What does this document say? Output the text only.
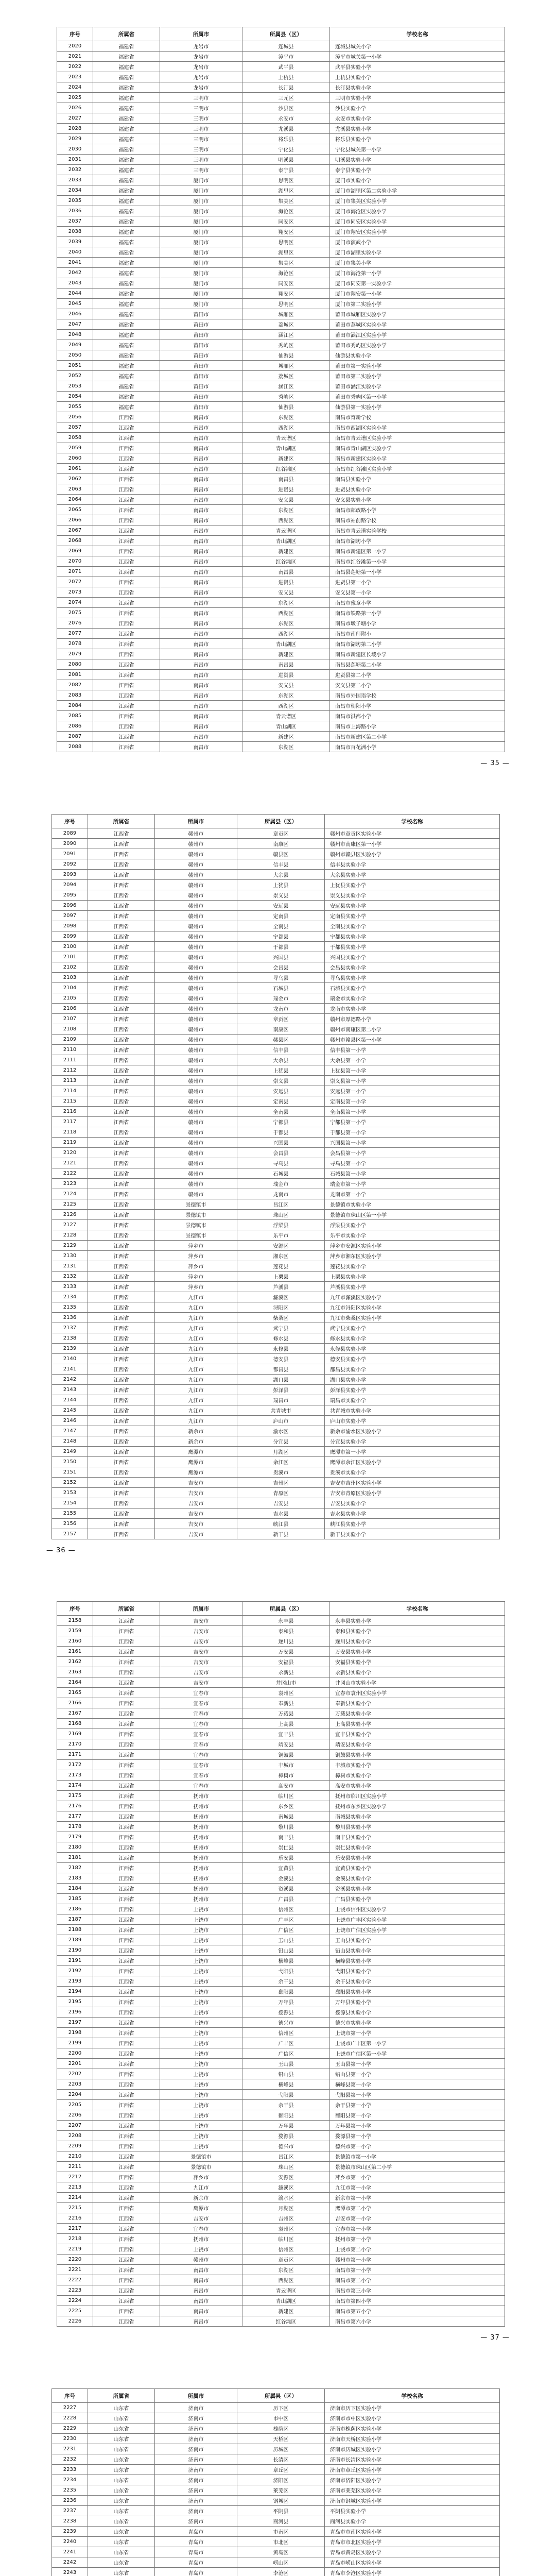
序号	所属省	所属市	所属县（区）	学校名称
2020	福建省	龙岩市	连城县	连城县城关小学
2021	福建省	龙岩市	漳平市	漳平市城关第一小学
2022	福建省	龙岩市	武平县	武平县实验小学
2023	福建省	龙岩市	上杭县	上杭县实验小学
2024	福建省	龙岩市	长汀县	长汀县实验小学
2025	福建省	三明市	三元区	三明市实验小学
2026	福建省	三明市	沙县区	沙县实验小学
2027	福建省	三明市	永安市	永安市实验小学
2028	福建省	三明市	尤溪县	尤溪县实验小学
2029	福建省	三明市	将乐县	将乐县实验小学
2030	福建省	三明市	宁化县	宁化县城关第一小学
2031	福建省	三明市	明溪县	明溪县实验小学
2032	福建省	三明市	泰宁县	泰宁县实验小学
2033	福建省	厦门市	思明区	厦门市实验小学
2034	福建省	厦门市	湖里区	厦门市湖里区第二实验小学
2035	福建省	厦门市	集美区	厦门市集美区实验小学
2036	福建省	厦门市	海沧区	厦门市海沧区实验小学
2037	福建省	厦门市	同安区	厦门市同安区实验小学
2038	福建省	厦门市	翔安区	厦门市翔安区实验小学
2039	福建省	厦门市	思明区	厦门市演武小学
2040	福建省	厦门市	湖里区	厦门市湖里实验小学
2041	福建省	厦门市	集美区	厦门市集美小学
2042	福建省	厦门市	海沧区	厦门市海沧第一小学
2043	福建省	厦门市	同安区	厦门市同安第一实验小学
2044	福建省	厦门市	翔安区	厦门市翔安第一小学
2045	福建省	厦门市	思明区	厦门市第二实验小学
2046	福建省	莆田市	城厢区	莆田市城厢区实验小学
2047	福建省	莆田市	荔城区	莆田市荔城区实验小学
2048	福建省	莆田市	涵江区	莆田市涵江区实验小学
2049	福建省	莆田市	秀屿区	莆田市秀屿区实验小学
2050	福建省	莆田市	仙游县	仙游县实验小学
2051	福建省	莆田市	城厢区	莆田市第一实验小学
2052	福建省	莆田市	荔城区	莆田市第二实验小学
2053	福建省	莆田市	涵江区	莆田市涵江实验小学
2054	福建省	莆田市	秀屿区	莆田市秀屿区第一小学
2055	福建省	莆田市	仙游县	仙游县第一实验小学
2056	江西省	南昌市	东湖区	南昌市育新学校
2057	江西省	南昌市	西湖区	南昌市西湖区实验小学
2058	江西省	南昌市	青云谱区	南昌市青云谱区实验小学
2059	江西省	南昌市	青山湖区	南昌市青山湖区实验小学
2060	江西省	南昌市	新建区	南昌市新建区实验小学
2061	江西省	南昌市	红谷滩区	南昌市红谷滩区实验小学
2062	江西省	南昌市	南昌县	南昌县实验小学
2063	江西省	南昌市	进贤县	进贤县实验小学
2064	江西省	南昌市	安义县	安义县实验小学
2065	江西省	南昌市	东湖区	南昌市邮政路小学
2066	江西省	南昌市	西湖区	南昌市站前路学校
2067	江西省	南昌市	青云谱区	南昌市青云谱实验学校
2068	江西省	南昌市	青山湖区	南昌市湖坊小学
2069	江西省	南昌市	新建区	南昌市新建区第一小学
2070	江西省	南昌市	红谷滩区	南昌市红谷滩第一小学
2071	江西省	南昌市	南昌县	南昌县莲塘第一小学
2072	江西省	南昌市	进贤县	进贤县第一小学
2073	江西省	南昌市	安义县	安义县第一小学
2074	江西省	南昌市	东湖区	南昌市豫章小学
2075	江西省	南昌市	西湖区	南昌市铁路第一小学
2076	江西省	南昌市	东湖区	南昌市墩子塘小学
2077	江西省	南昌市	西湖区	南昌市南师附小
2078	江西省	南昌市	青山湖区	南昌市湖坊第二小学
2079	江西省	南昌市	新建区	南昌市新建区长堎小学
2080	江西省	南昌市	南昌县	南昌县莲塘第二小学
2081	江西省	南昌市	进贤县	进贤县第二小学
2082	江西省	南昌市	安义县	安义县第二小学
2083	江西省	南昌市	东湖区	南昌市外国语学校
2084	江西省	南昌市	西湖区	南昌市朝阳小学
2085	江西省	南昌市	青云谱区	南昌市洪都小学
2086	江西省	南昌市	青山湖区	南昌市上海路小学
2087	江西省	南昌市	新建区	南昌市新建区第二小学
2088	江西省	南昌市	东湖区	南昌市百花洲小学
— 35 —
序号	所属省	所属市	所属县（区）	学校名称
2089	江西省	赣州市	章贡区	赣州市章贡区实验小学
2090	江西省	赣州市	南康区	赣州市南康区第一小学
2091	江西省	赣州市	赣县区	赣州市赣县区实验小学
2092	江西省	赣州市	信丰县	信丰县实验小学
2093	江西省	赣州市	大余县	大余县实验小学
2094	江西省	赣州市	上犹县	上犹县实验小学
2095	江西省	赣州市	崇义县	崇义县实验小学
2096	江西省	赣州市	安远县	安远县实验小学
2097	江西省	赣州市	定南县	定南县实验小学
2098	江西省	赣州市	全南县	全南县实验小学
2099	江西省	赣州市	宁都县	宁都县实验小学
2100	江西省	赣州市	于都县	于都县实验小学
2101	江西省	赣州市	兴国县	兴国县实验小学
2102	江西省	赣州市	会昌县	会昌县实验小学
2103	江西省	赣州市	寻乌县	寻乌县实验小学
2104	江西省	赣州市	石城县	石城县实验小学
2105	江西省	赣州市	瑞金市	瑞金市实验小学
2106	江西省	赣州市	龙南市	龙南市实验小学
2107	江西省	赣州市	章贡区	赣州市厚德路小学
2108	江西省	赣州市	南康区	赣州市南康区第二小学
2109	江西省	赣州市	赣县区	赣州市赣县区第一小学
2110	江西省	赣州市	信丰县	信丰县第一小学
2111	江西省	赣州市	大余县	大余县第一小学
2112	江西省	赣州市	上犹县	上犹县第一小学
2113	江西省	赣州市	崇义县	崇义县第一小学
2114	江西省	赣州市	安远县	安远县第一小学
2115	江西省	赣州市	定南县	定南县第一小学
2116	江西省	赣州市	全南县	全南县第一小学
2117	江西省	赣州市	宁都县	宁都县第一小学
2118	江西省	赣州市	于都县	于都县第一小学
2119	江西省	赣州市	兴国县	兴国县第一小学
2120	江西省	赣州市	会昌县	会昌县第一小学
2121	江西省	赣州市	寻乌县	寻乌县第一小学
2122	江西省	赣州市	石城县	石城县第一小学
2123	江西省	赣州市	瑞金市	瑞金市第一小学
2124	江西省	赣州市	龙南市	龙南市第一小学
2125	江西省	景德镇市	昌江区	景德镇市实验小学
2126	江西省	景德镇市	珠山区	景德镇市珠山区第一小学
2127	江西省	景德镇市	浮梁县	浮梁县实验小学
2128	江西省	景德镇市	乐平市	乐平市实验小学
2129	江西省	萍乡市	安源区	萍乡市安源区实验小学
2130	江西省	萍乡市	湘东区	萍乡市湘东区实验小学
2131	江西省	萍乡市	莲花县	莲花县实验小学
2132	江西省	萍乡市	上栗县	上栗县实验小学
2133	江西省	萍乡市	芦溪县	芦溪县实验小学
2134	江西省	九江市	濂溪区	九江市濂溪区实验小学
2135	江西省	九江市	浔阳区	九江市浔阳区实验小学
2136	江西省	九江市	柴桑区	九江市柴桑区实验小学
2137	江西省	九江市	武宁县	武宁县实验小学
2138	江西省	九江市	修水县	修水县实验小学
2139	江西省	九江市	永修县	永修县实验小学
2140	江西省	九江市	德安县	德安县实验小学
2141	江西省	九江市	都昌县	都昌县实验小学
2142	江西省	九江市	湖口县	湖口县实验小学
2143	江西省	九江市	彭泽县	彭泽县实验小学
2144	江西省	九江市	瑞昌市	瑞昌市实验小学
2145	江西省	九江市	共青城市	共青城市实验小学
2146	江西省	九江市	庐山市	庐山市实验小学
2147	江西省	新余市	渝水区	新余市渝水区实验小学
2148	江西省	新余市	分宜县	分宜县实验小学
2149	江西省	鹰潭市	月湖区	鹰潭市第一小学
2150	江西省	鹰潭市	余江区	鹰潭市余江区实验小学
2151	江西省	鹰潭市	贵溪市	贵溪市实验小学
2152	江西省	吉安市	吉州区	吉安市吉州区实验小学
2153	江西省	吉安市	青原区	吉安市青原区实验小学
2154	江西省	吉安市	吉安县	吉安县实验小学
2155	江西省	吉安市	吉水县	吉水县实验小学
2156	江西省	吉安市	峡江县	峡江县实验小学
2157	江西省	吉安市	新干县	新干县实验小学
— 36 —
序号	所属省	所属市	所属县（区）	学校名称
2158	江西省	吉安市	永丰县	永丰县实验小学
2159	江西省	吉安市	泰和县	泰和县实验小学
2160	江西省	吉安市	遂川县	遂川县实验小学
2161	江西省	吉安市	万安县	万安县实验小学
2162	江西省	吉安市	安福县	安福县实验小学
2163	江西省	吉安市	永新县	永新县实验小学
2164	江西省	吉安市	井冈山市	井冈山市实验小学
2165	江西省	宜春市	袁州区	宜春市袁州区实验小学
2166	江西省	宜春市	奉新县	奉新县实验小学
2167	江西省	宜春市	万载县	万载县实验小学
2168	江西省	宜春市	上高县	上高县实验小学
2169	江西省	宜春市	宜丰县	宜丰县实验小学
2170	江西省	宜春市	靖安县	靖安县实验小学
2171	江西省	宜春市	铜鼓县	铜鼓县实验小学
2172	江西省	宜春市	丰城市	丰城市实验小学
2173	江西省	宜春市	樟树市	樟树市实验小学
2174	江西省	宜春市	高安市	高安市实验小学
2175	江西省	抚州市	临川区	抚州市临川区实验小学
2176	江西省	抚州市	东乡区	抚州市东乡区实验小学
2177	江西省	抚州市	南城县	南城县实验小学
2178	江西省	抚州市	黎川县	黎川县实验小学
2179	江西省	抚州市	南丰县	南丰县实验小学
2180	江西省	抚州市	崇仁县	崇仁县实验小学
2181	江西省	抚州市	乐安县	乐安县实验小学
2182	江西省	抚州市	宜黄县	宜黄县实验小学
2183	江西省	抚州市	金溪县	金溪县实验小学
2184	江西省	抚州市	资溪县	资溪县实验小学
2185	江西省	抚州市	广昌县	广昌县实验小学
2186	江西省	上饶市	信州区	上饶市信州区实验小学
2187	江西省	上饶市	广丰区	上饶市广丰区实验小学
2188	江西省	上饶市	广信区	上饶市广信区实验小学
2189	江西省	上饶市	玉山县	玉山县实验小学
2190	江西省	上饶市	铅山县	铅山县实验小学
2191	江西省	上饶市	横峰县	横峰县实验小学
2192	江西省	上饶市	弋阳县	弋阳县实验小学
2193	江西省	上饶市	余干县	余干县实验小学
2194	江西省	上饶市	鄱阳县	鄱阳县实验小学
2195	江西省	上饶市	万年县	万年县实验小学
2196	江西省	上饶市	婺源县	婺源县实验小学
2197	江西省	上饶市	德兴市	德兴市实验小学
2198	江西省	上饶市	信州区	上饶市第一小学
2199	江西省	上饶市	广丰区	上饶市广丰区第一小学
2200	江西省	上饶市	广信区	上饶市广信区第一小学
2201	江西省	上饶市	玉山县	玉山县第一小学
2202	江西省	上饶市	铅山县	铅山县第一小学
2203	江西省	上饶市	横峰县	横峰县第一小学
2204	江西省	上饶市	弋阳县	弋阳县第一小学
2205	江西省	上饶市	余干县	余干县第一小学
2206	江西省	上饶市	鄱阳县	鄱阳县第一小学
2207	江西省	上饶市	万年县	万年县第一小学
2208	江西省	上饶市	婺源县	婺源县第一小学
2209	江西省	上饶市	德兴市	德兴市第一小学
2210	江西省	景德镇市	昌江区	景德镇市第一小学
2211	江西省	景德镇市	珠山区	景德镇市珠山区第二小学
2212	江西省	萍乡市	安源区	萍乡市第一小学
2213	江西省	九江市	濂溪区	九江市第一小学
2214	江西省	新余市	渝水区	新余市第一小学
2215	江西省	鹰潭市	月湖区	鹰潭市第二小学
2216	江西省	吉安市	吉州区	吉安市第一小学
2217	江西省	宜春市	袁州区	宜春市第一小学
2218	江西省	抚州市	临川区	抚州市第一小学
2219	江西省	上饶市	信州区	上饶市第二小学
2220	江西省	赣州市	章贡区	赣州市第一小学
2221	江西省	南昌市	东湖区	南昌市第一小学
2222	江西省	南昌市	西湖区	南昌市第二小学
2223	江西省	南昌市	青云谱区	南昌市第三小学
2224	江西省	南昌市	青山湖区	南昌市第四小学
2225	江西省	南昌市	新建区	南昌市第五小学
2226	江西省	南昌市	红谷滩区	南昌市第六小学
— 37 —
序号	所属省	所属市	所属县（区）	学校名称
2227	山东省	济南市	历下区	济南市历下区实验小学
2228	山东省	济南市	市中区	济南市市中区实验小学
2229	山东省	济南市	槐荫区	济南市槐荫区实验小学
2230	山东省	济南市	天桥区	济南市天桥区实验小学
2231	山东省	济南市	历城区	济南市历城区实验小学
2232	山东省	济南市	长清区	济南市长清区实验小学
2233	山东省	济南市	章丘区	济南市章丘区实验小学
2234	山东省	济南市	济阳区	济南市济阳区实验小学
2235	山东省	济南市	莱芜区	济南市莱芜区实验小学
2236	山东省	济南市	钢城区	济南市钢城区实验小学
2237	山东省	济南市	平阴县	平阴县实验小学
2238	山东省	济南市	商河县	商河县实验小学
2239	山东省	青岛市	市南区	青岛市市南区实验小学
2240	山东省	青岛市	市北区	青岛市市北区实验小学
2241	山东省	青岛市	黄岛区	青岛市黄岛区实验小学
2242	山东省	青岛市	崂山区	青岛市崂山区实验小学
2243	山东省	青岛市	李沧区	青岛市李沧区实验小学
